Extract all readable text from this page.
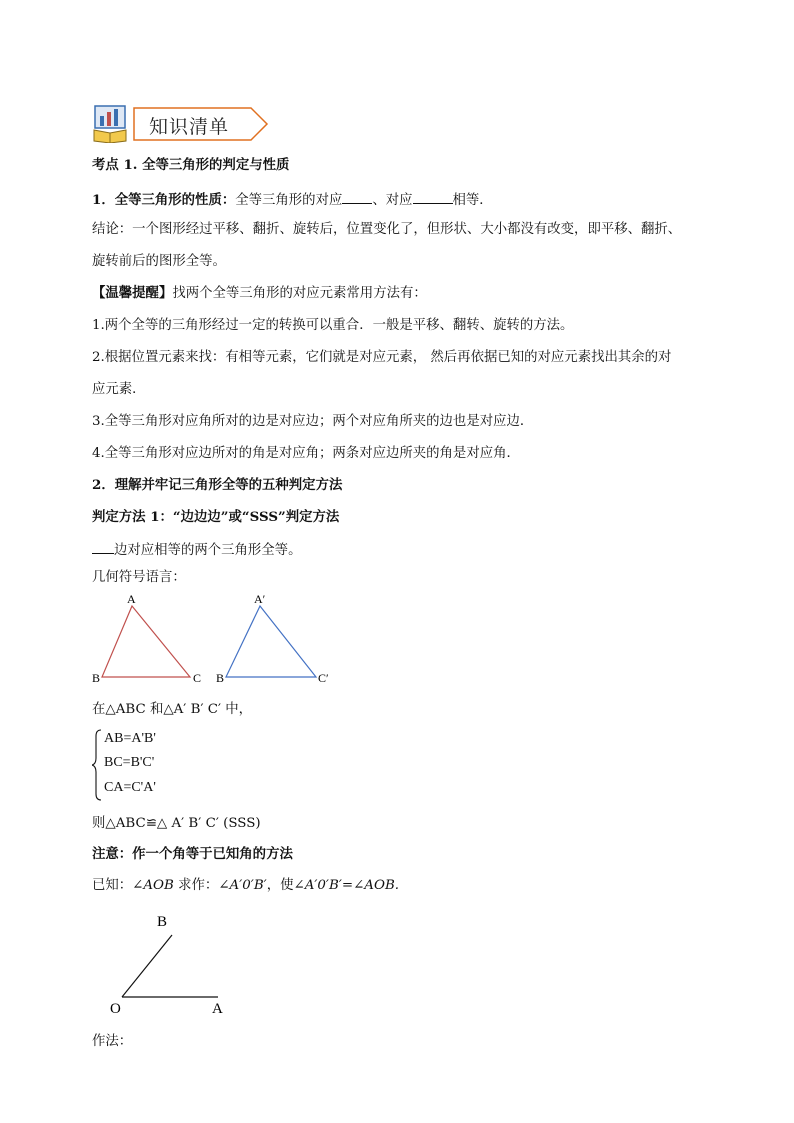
知识清单
考点 1. 全等三角形的判定与性质
1．全等三角形的性质：全等三角形的对应 、对应	相等．
结论：一个图形经过平移、翻折、旋转后，位置变化了，但形状、大小都没有改变，即平移、翻折、
旋转前后的图形全等。
【温馨提醒】找两个全等三角形的对应元素常用方法有：
1.两个全等的三角形经过一定的转换可以重合．一般是平移、翻转、旋转的方法。
2.根据位置元素来找：有相等元素，它们就是对应元素， 然后再依据已知的对应元素找出其余的对
应元素．
3.全等三角形对应角所对的边是对应边；两个对应角所夹的边也是对应边．
4.全等三角形对应边所对的角是对应角；两条对应边所夹的角是对应角．
2．理解并牢记三角形全等的五种判定方法
判定方法 1：“边边边”或“SSS”判定方法
边对应相等的两个三角形全等。
几何符号语言：
A
B	C
A′
B	C′
在△ABC 和△A′ B′ C′ 中，
AB=A'B'
BC=B'C'
CA=C'A'
则△ABC≌△ A′ B′ C′ (SSS)
注意：作一个角等于已知角的方法
已知：∠AOB 求作：∠A′0′B′，使∠A′0′B′=∠AOB.
B
O	A
作法：
